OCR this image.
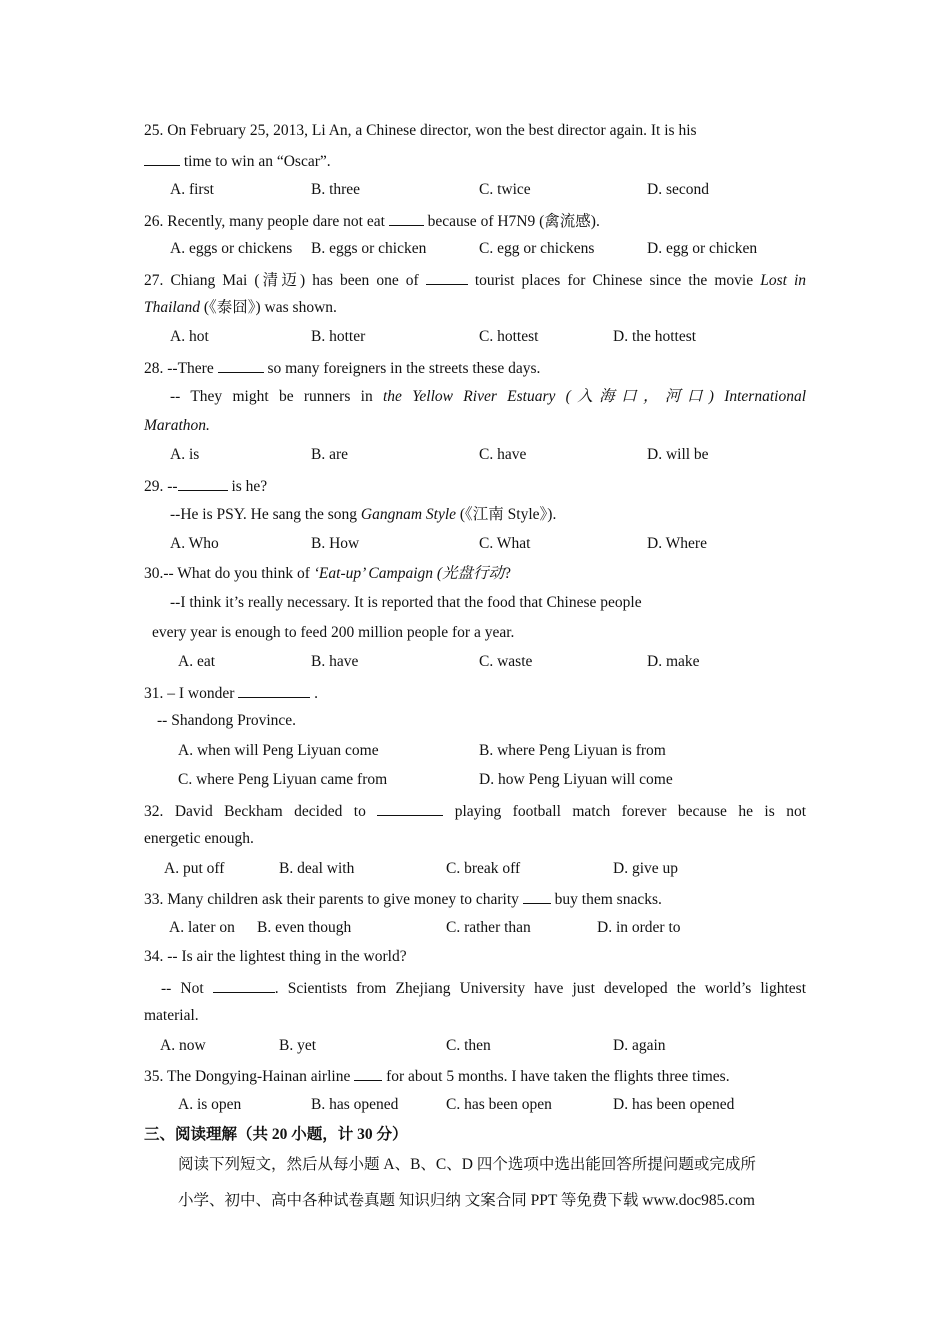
25. On February 25, 2013, Li An, a Chinese director, won the best director again. It is his
time to win an “Oscar”.
A. first	B. three	C. twice	D. second
26. Recently, many people dare not eat	because of H7N9 (禽流感).
A. eggs or chickens B. eggs or chicken	C. egg or chickens	D. egg or chicken
27. Chiang Mai (清迈) has been one of	tourist places for Chinese since the movie Lost in
Thailand (《泰囧》) was shown.
A. hot	B. hotter	C. hottest	D. the hottest
28. --There	so many foreigners in the streets these days.
-- They might be runners in the Yellow River Estuary (入海口，河口) International
Marathon.
A. is	B. are	C. have	D. will be
29. --	is he?
--He is PSY. He sang the song Gangnam Style (《江南 Style》).
A. Who	B. How	C. What	D. Where
30.-- What do you think of ‘Eat-up’ Campaign (光盘行动?
--I think it’s really necessary. It is reported that the food that Chinese people
every year is enough to feed 200 million people for a year.
A. eat	B. have	C. waste	D. make
31. – I wonder	.
-- Shandong Province.
A. when will Peng Liyuan come	B. where Peng Liyuan is from
C. where Peng Liyuan came from	D. how Peng Liyuan will come
32. David Beckham decided to	playing football match forever because he is not
energetic enough.
A. put off	B. deal with	C. break off	D. give up
33. Many children ask their parents to give money to charity buy them snacks.
A. later on B. even though	C. rather than	D. in order to
34. -- Is air the lightest thing in the world?
-- Not	. Scientists from Zhejiang University have just developed the world’s lightest
material.
A. now	B. yet	C. then	D. again
35. The Dongying-Hainan airline for about 5 months. I have taken the flights three times.
A. is open	B. has opened	C. has been open	D. has been opened
三、阅读理解（共 20 小题，计 30 分）
阅读下列短文，然后从每小题 A、B、C、D 四个选项中选出能回答所提问题或完成所
小学、初中、高中各种试卷真题 知识归纳 文案合同 PPT 等免费下载 www.doc985.com
